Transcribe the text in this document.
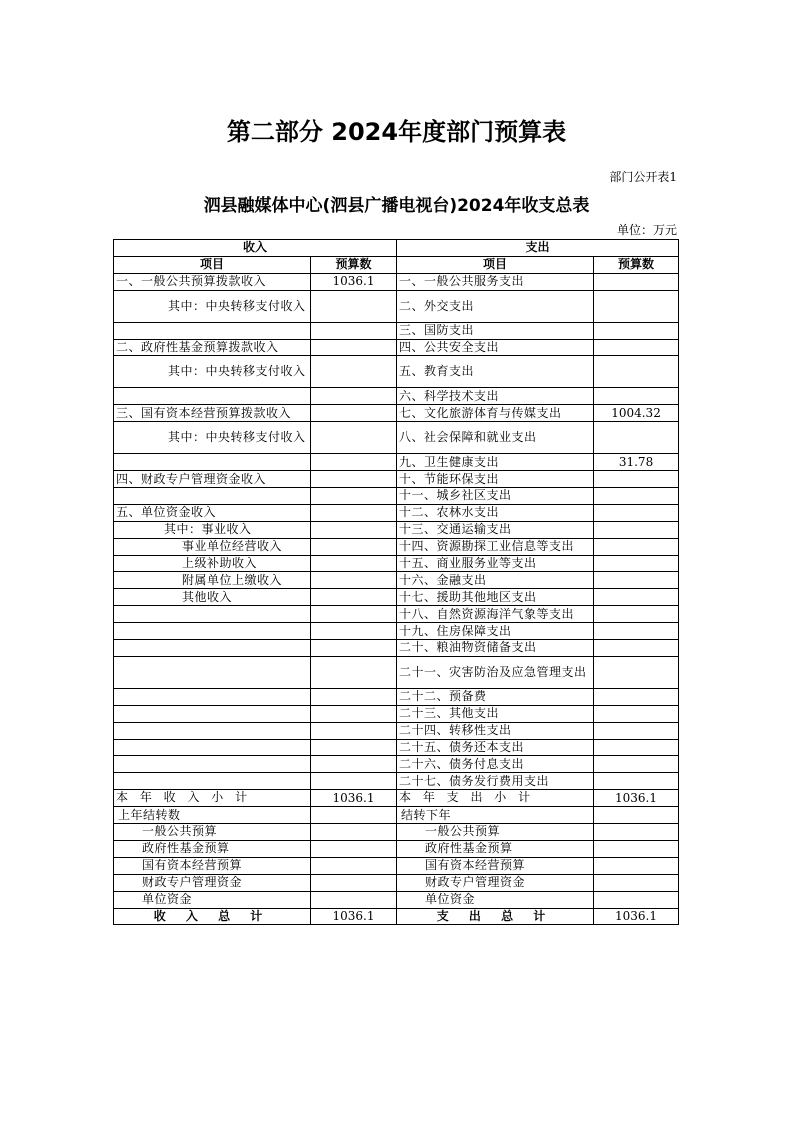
第二部分 2024年度部门预算表
部门公开表1
泗县融媒体中心(泗县广播电视台)2024年收支总表
单位：万元
收入		支出	
项目	预算数	项目	预算数
一、一般公共预算拨款收入	1036.1	一、一般公共服务支出	
其中：中央转移支付收入		二、外交支出	
		三、国防支出	
二、政府性基金预算拨款收入		四、公共安全支出	
其中：中央转移支付收入		五、教育支出	
		六、科学技术支出	
三、国有资本经营预算拨款收入		七、文化旅游体育与传媒支出	1004.32
其中：中央转移支付收入		八、社会保障和就业支出	
		九、卫生健康支出	31.78
四、财政专户管理资金收入		十、节能环保支出	
		十一、城乡社区支出	
五、单位资金收入		十二、农林水支出	
其中：事业收入		十三、交通运输支出	
事业单位经营收入		十四、资源勘探工业信息等支出	
上级补助收入		十五、商业服务业等支出	
附属单位上缴收入		十六、金融支出	
其他收入		十七、援助其他地区支出	
		十八、自然资源海洋气象等支出	
		十九、住房保障支出	
		二十、粮油物资储备支出	
		二十一、灾害防治及应急管理支出	
		二十二、预备费	
		二十三、其他支出	
		二十四、转移性支出	
		二十五、债务还本支出	
		二十六、债务付息支出	
		二十七、债务发行费用支出	
本 年 收 入 小 计	1036.1	本 年 支 出 小 计	1036.1
上年结转数		结转下年	
一般公共预算		一般公共预算	
政府性基金预算		政府性基金预算	
国有资本经营预算		国有资本经营预算	
财政专户管理资金		财政专户管理资金	
单位资金		单位资金	
收 入 总 计	1036.1	支 出 总 计	1036.1
